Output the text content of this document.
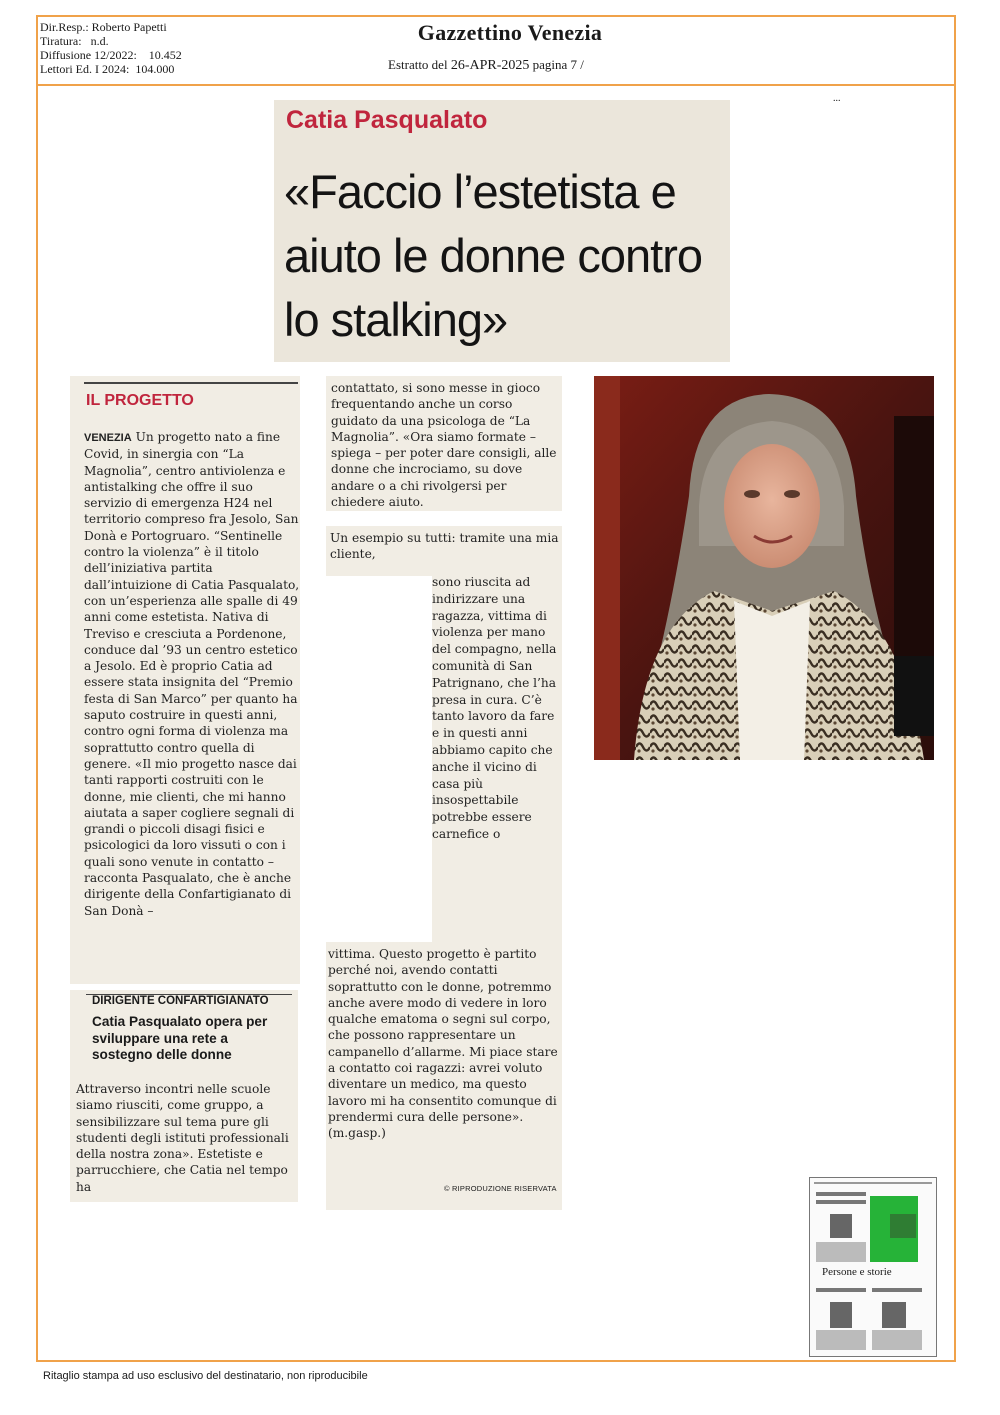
Dir.Resp.: Roberto Papetti
Tiratura: n.d.
Diffusione 12/2022: 10.452
Lettori Ed. I 2024: 104.000
Gazzettino Venezia
Estratto del 26-APR-2025 pagina 7 /
...
Catia Pasqualato
«Faccio l’estetista e aiuto le donne contro lo stalking»
IL PROGETTO
VENEZIA Un progetto nato a fine Covid, in sinergia con “La Magnolia”, centro antiviolenza e antistalking che offre il suo servizio di emergenza H24 nel territorio compreso fra Jesolo, San Donà e Portogruaro. “Sentinelle contro la violenza” è il titolo dell’iniziativa partita dall’intuizione di Catia Pasqualato, con un’esperienza alle spalle di 49 anni come estetista. Nativa di Treviso e cresciuta a Pordenone, conduce dal ’93 un centro estetico a Jesolo. Ed è proprio Catia ad essere stata insignita del “Premio festa di San Marco” per quanto ha saputo costruire in questi anni, contro ogni forma di violenza ma soprattutto contro quella di genere. «Il mio progetto nasce dai tanti rapporti costruiti con le donne, mie clienti, che mi hanno aiutata a saper cogliere segnali di grandi o piccoli disagi fisici e psicologici da loro vissuti o con i quali sono venute in contatto – racconta Pasqualato, che è anche dirigente della Confartigianato di San Donà –
DIRIGENTE CONFARTIGIANATO
Catia Pasqualato opera per sviluppare una rete a sostegno delle donne
Attraverso incontri nelle scuole siamo riusciti, come gruppo, a sensibilizzare sul tema pure gli studenti degli istituti professionali della nostra zona». Estetiste e parrucchiere, che Catia nel tempo ha
contattato, si sono messe in gioco frequentando anche un corso guidato da una psicologa de “La Magnolia”. «Ora siamo formate – spiega – per poter dare consigli, alle donne che incrociamo, su dove andare o a chi rivolgersi per chiedere aiuto.
Un esempio su tutti: tramite una mia cliente,
sono riuscita ad indirizzare una ragazza, vittima di violenza per mano del compagno, nella comunità di San Patrignano, che l’ha presa in cura. C’è tanto lavoro da fare e in questi anni abbiamo capito che anche il vicino di casa più insospettabile potrebbe essere carnefice o
vittima. Questo progetto è partito perché noi, avendo contatti soprattutto con le donne, potremmo anche avere modo di vedere in loro qualche ematoma o segni sul corpo, che possono rappresentare un campanello d’allarme. Mi piace stare a contatto coi ragazzi: avrei voluto diventare un medico, ma questo lavoro mi ha consentito comunque di prendermi cura delle persone». (m.gasp.)
© RIPRODUZIONE RISERVATA
Persone e storie
Ritaglio stampa ad uso esclusivo del destinatario, non riproducibile
